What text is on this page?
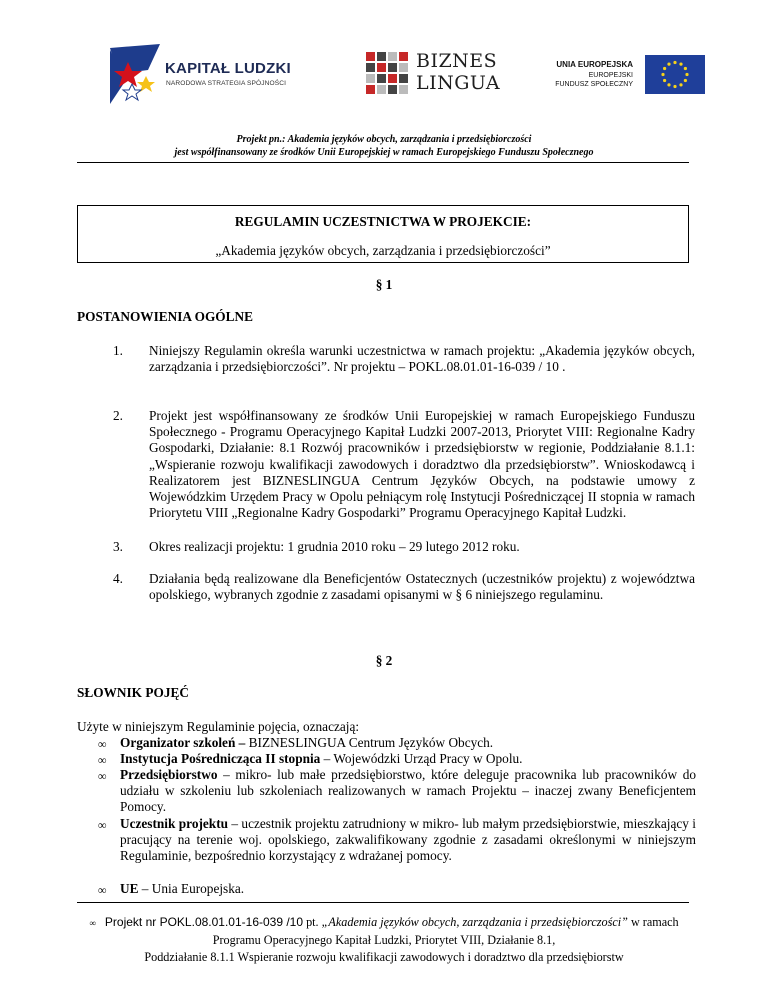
KAPITAŁ LUDZKI
NARODOWA STRATEGIA SPÓJNOŚCI
BIZNES
LINGUA
UNIA EUROPEJSKA
EUROPEJSKI
FUNDUSZ SPOŁECZNY
Projekt pn.: Akademia języków obcych, zarządzania i przedsiębiorczości
jest współfinansowany ze środków Unii Europejskiej w ramach Europejskiego Funduszu Społecznego
REGULAMIN UCZESTNICTWA W PROJEKCIE:
„Akademia języków obcych, zarządzania i przedsiębiorczości”
§ 1
POSTANOWIENIA OGÓLNE
1. Niniejszy Regulamin określa warunki uczestnictwa w ramach projektu: „Akademia języków obcych, zarządzania i przedsiębiorczości”. Nr projektu – POKL.08.01.01-16-039 / 10 .
2. Projekt jest współfinansowany ze środków Unii Europejskiej w ramach Europejskiego Funduszu Społecznego - Programu Operacyjnego Kapitał Ludzki 2007-2013, Priorytet VIII: Regionalne Kadry Gospodarki, Działanie: 8.1 Rozwój pracowników i przedsiębiorstw w regionie, Poddziałanie 8.1.1: „Wspieranie rozwoju kwalifikacji zawodowych i doradztwo dla przedsiębiorstw”. Wnioskodawcą i Realizatorem jest BIZNESLINGUA Centrum Języków Obcych, na podstawie umowy z Wojewódzkim Urzędem Pracy w Opolu pełniącym rolę Instytucji Pośredniczącej II stopnia w ramach Priorytetu VIII „Regionalne Kadry Gospodarki” Programu Operacyjnego Kapitał Ludzki.
3. Okres realizacji projektu: 1 grudnia 2010 roku – 29 lutego 2012 roku.
4. Działania będą realizowane dla Beneficjentów Ostatecznych (uczestników projektu) z województwa opolskiego, wybranych zgodnie z zasadami opisanymi w § 6 niniejszego regulaminu.
§ 2
SŁOWNIK POJĘĆ
Użyte w niniejszym Regulaminie pojęcia, oznaczają:
∞ Organizator szkoleń – BIZNESLINGUA Centrum Języków Obcych.
∞ Instytucja Pośrednicząca II stopnia – Wojewódzki Urząd Pracy w Opolu.
∞ Przedsiębiorstwo – mikro- lub małe przedsiębiorstwo, które deleguje pracownika lub pracowników do udziału w szkoleniu lub szkoleniach realizowanych w ramach Projektu – inaczej zwany Beneficjentem Pomocy.
∞ Uczestnik projektu – uczestnik projektu zatrudniony w mikro- lub małym przedsiębiorstwie, mieszkający i pracujący na terenie woj. opolskiego, zakwalifikowany zgodnie z zasadami określonymi w niniejszym Regulaminie, bezpośrednio korzystający z wdrażanej pomocy.
∞ UE – Unia Europejska.
∞ Projekt nr POKL.08.01.01-16-039 /10 pt. „Akademia języków obcych, zarządzania i przedsiębiorczości” w ramach Programu Operacyjnego Kapitał Ludzki, Priorytet VIII, Działanie 8.1,
Poddziałanie 8.1.1 Wspieranie rozwoju kwalifikacji zawodowych i doradztwo dla przedsiębiorstw
